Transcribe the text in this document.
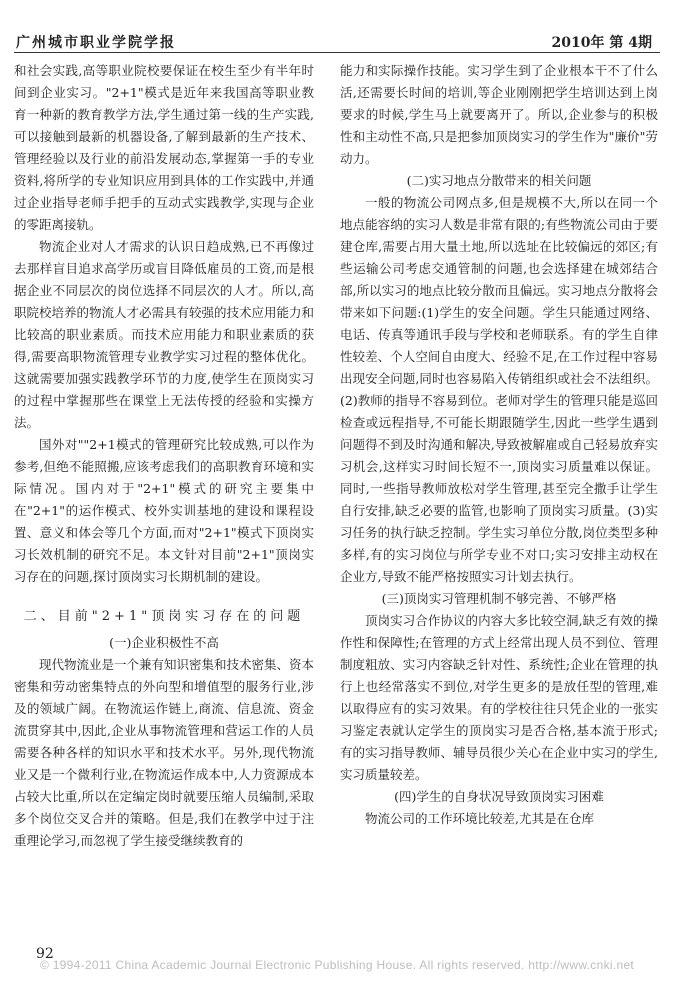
广州城市职业学院学报	2010年 第 4期

和社会实践,高等职业院校要保证在校生至少有半年时间到企业实习。"2+1"模式是近年来我国高等职业教育一种新的教育教学方法,学生通过第一线的生产实践,可以接触到最新的机器设备,了解到最新的生产技术、管理经验以及行业的前沿发展动态,掌握第一手的专业资料,将所学的专业知识应用到具体的工作实践中,并通过企业指导老师手把手的互动式实践教学,实现与企业的零距离接轨。

物流企业对人才需求的认识日趋成熟,已不再像过去那样盲目追求高学历或盲目降低雇员的工资,而是根据企业不同层次的岗位选择不同层次的人才。所以,高职院校培养的物流人才必需具有较强的技术应用能力和比较高的职业素质。而技术应用能力和职业素质的获得,需要高职物流管理专业教学实习过程的整体优化。这就需要加强实践教学环节的力度,使学生在顶岗实习的过程中掌握那些在课堂上无法传授的经验和实操方法。

国外对""2+1模式的管理研究比较成熟,可以作为参考,但绝不能照搬,应该考虑我们的高职教育环境和实际情况。国内对于"2+1"模式的研究主要集中在"2+1"的运作模式、校外实训基地的建设和课程设置、意义和体会等几个方面,而对"2+1"模式下顶岗实习长效机制的研究不足。本文针对目前"2+1"顶岗实习存在的问题,探讨顶岗实习长期机制的建设。

二、目前"2+1"顶岗实习存在的问题

(一)企业积极性不高

现代物流业是一个兼有知识密集和技术密集、资本密集和劳动密集特点的外向型和增值型的服务行业,涉及的领域广阔。在物流运作链上,商流、信息流、资金流贯穿其中,因此,企业从事物流管理和营运工作的人员需要各种各样的知识水平和技术水平。另外,现代物流业又是一个微利行业,在物流运作成本中,人力资源成本占较大比重,所以在定编定岗时就要压缩人员编制,采取多个岗位交叉合并的策略。但是,我们在教学中过于注重理论学习,而忽视了学生接受继续教育的

能力和实际操作技能。实习学生到了企业根本干不了什么活,还需要长时间的培训,等企业刚刚把学生培训达到上岗要求的时候,学生马上就要离开了。所以,企业参与的积极性和主动性不高,只是把参加顶岗实习的学生作为"廉价"劳动力。

(二)实习地点分散带来的相关问题

一般的物流公司网点多,但是规模不大,所以在同一个地点能容纳的实习人数是非常有限的;有些物流公司由于要建仓库,需要占用大量土地,所以选址在比较偏远的郊区;有些运输公司考虑交通管制的问题,也会选择建在城郊结合部,所以实习的地点比较分散而且偏远。实习地点分散将会带来如下问题:(1)学生的安全问题。学生只能通过网络、电话、传真等通讯手段与学校和老师联系。有的学生自律性较差、个人空间自由度大、经验不足,在工作过程中容易出现安全问题,同时也容易陷入传销组织或社会不法组织。(2)教师的指导不容易到位。老师对学生的管理只能是巡回检查或远程指导,不可能长期跟随学生,因此一些学生遇到问题得不到及时沟通和解决,导致被解雇或自己轻易放弃实习机会,这样实习时间长短不一,顶岗实习质量难以保证。同时,一些指导教师放松对学生管理,甚至完全撒手让学生自行安排,缺乏必要的监管,也影响了顶岗实习质量。(3)实习任务的执行缺乏控制。学生实习单位分散,岗位类型多种多样,有的实习岗位与所学专业不对口;实习安排主动权在企业方,导致不能严格按照实习计划去执行。

(三)顶岗实习管理机制不够完善、不够严格

顶岗实习合作协议的内容大多比较空洞,缺乏有效的操作性和保障性;在管理的方式上经常出现人员不到位、管理制度粗放、实习内容缺乏针对性、系统性;企业在管理的执行上也经常落实不到位,对学生更多的是放任型的管理,难以取得应有的实习效果。有的学校往往只凭企业的一张实习鉴定表就认定学生的顶岗实习是否合格,基本流于形式;有的实习指导教师、辅导员很少关心在企业中实习的学生,实习质量较差。

(四)学生的自身状况导致顶岗实习困难

物流公司的工作环境比较差,尤其是在仓库

92
© 1994-2011 China Academic Journal Electronic Publishing House. All rights reserved. http://www.cnki.net
